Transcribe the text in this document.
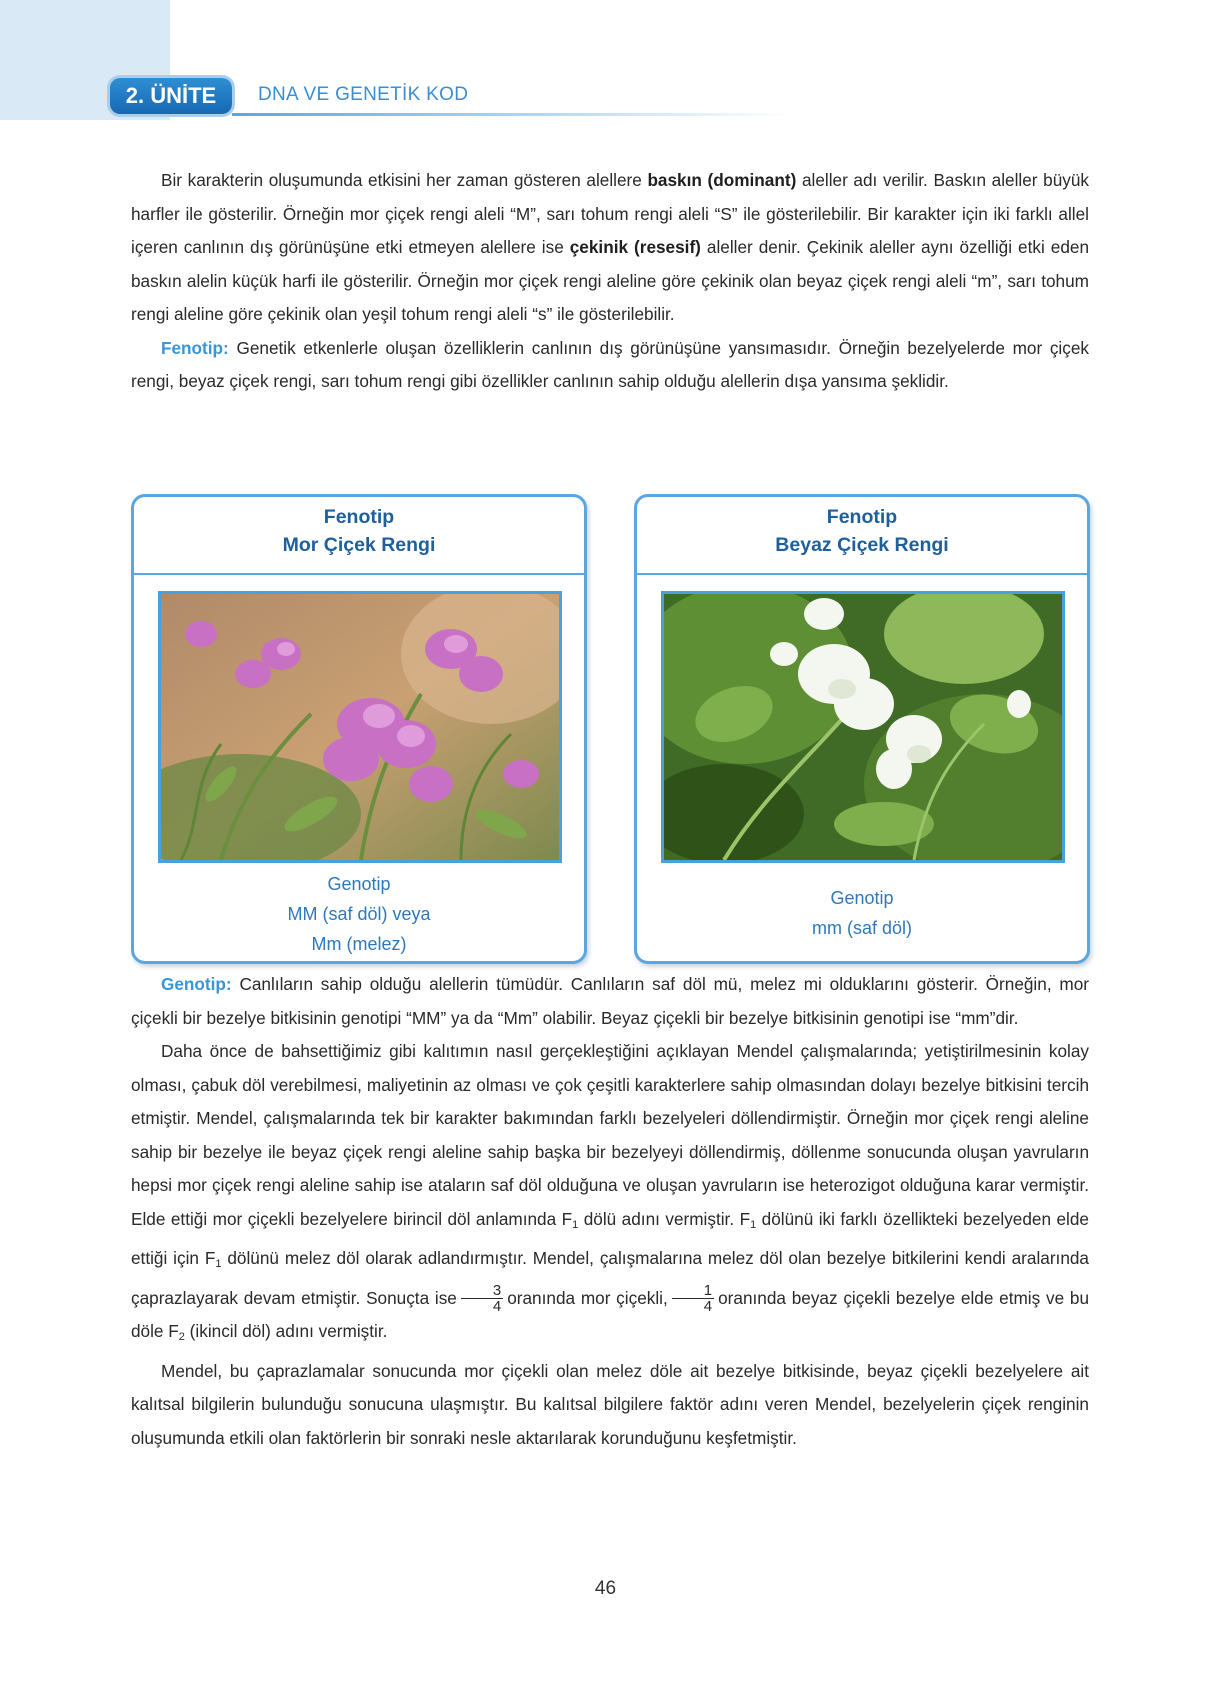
2. ÜNİTE	DNA VE GENETİK KOD

Bir karakterin oluşumunda etkisini her zaman gösteren alellere baskın (dominant) aleller adı verilir. Baskın aleller büyük harfler ile gösterilir. Örneğin mor çiçek rengi aleli “M”, sarı tohum rengi aleli “S” ile gösterilebilir. Bir karakter için iki farklı allel içeren canlının dış görünüşüne etki etmeyen alellere ise çekinik (resesif) aleller denir. Çekinik aleller aynı özelliği etki eden baskın alelin küçük harfi ile gösterilir. Örneğin mor çiçek rengi aleline göre çekinik olan beyaz çiçek rengi aleli “m”, sarı tohum rengi aleline göre çekinik olan yeşil tohum rengi aleli “s” ile gösterilebilir.

Fenotip: Genetik etkenlerle oluşan özelliklerin canlının dış görünüşüne yansımasıdır. Örneğin bezelyelerde mor çiçek rengi, beyaz çiçek rengi, sarı tohum rengi gibi özellikler canlının sahip olduğu alellerin dışa yansıma şeklidir.

Fenotip
Mor Çiçek Rengi
Genotip
MM (saf döl) veya
Mm (melez)
Fenotip
Beyaz Çiçek Rengi
Genotip
mm (saf döl)

Genotip: Canlıların sahip olduğu alellerin tümüdür. Canlıların saf döl mü, melez mi olduklarını gösterir. Örneğin, mor çiçekli bir bezelye bitkisinin genotipi “MM” ya da “Mm” olabilir. Beyaz çiçekli bir bezelye bitkisinin genotipi ise “mm”dir.

Daha önce de bahsettiğimiz gibi kalıtımın nasıl gerçekleştiğini açıklayan Mendel çalışmalarında; yetiştirilmesinin kolay olması, çabuk döl verebilmesi, maliyetinin az olması ve çok çeşitli karakterlere sahip olmasından dolayı bezelye bitkisini tercih etmiştir. Mendel, çalışmalarında tek bir karakter bakımından farklı bezelyeleri döllendirmiştir. Örneğin mor çiçek rengi aleline sahip bir bezelye ile beyaz çiçek rengi aleline sahip başka bir bezelyeyi döllendirmiş, döllenme sonucunda oluşan yavruların hepsi mor çiçek rengi aleline sahip ise ataların saf döl olduğuna ve oluşan yavruların ise heterozigot olduğuna karar vermiştir. Elde ettiği mor çiçekli bezelyelere birincil döl anlamında $F_1$ dölü adını vermiştir. $F_1$ dölünü iki farklı özellikteki bezelyeden elde ettiği için $F_1$ dölünü melez döl olarak adlandırmıştır. Mendel, çalışmalarına melez döl olan bezelye bitkilerini kendi aralarında çaprazlayarak devam etmiştir. Sonuçta ise $\frac{3}{4}$ oranında mor çiçekli, $\frac{1}{4}$ oranında beyaz çiçekli bezelye elde etmiş ve bu döle $F_2$ (ikincil döl) adını vermiştir.

Mendel, bu çaprazlamalar sonucunda mor çiçekli olan melez döle ait bezelye bitkisinde, beyaz çiçekli bezelyelere ait kalıtsal bilgilerin bulunduğu sonucuna ulaşmıştır. Bu kalıtsal bilgilere faktör adını veren Mendel, bezelyelerin çiçek renginin oluşumunda etkili olan faktörlerin bir sonraki nesle aktarılarak korunduğunu keşfetmiştir.

46
